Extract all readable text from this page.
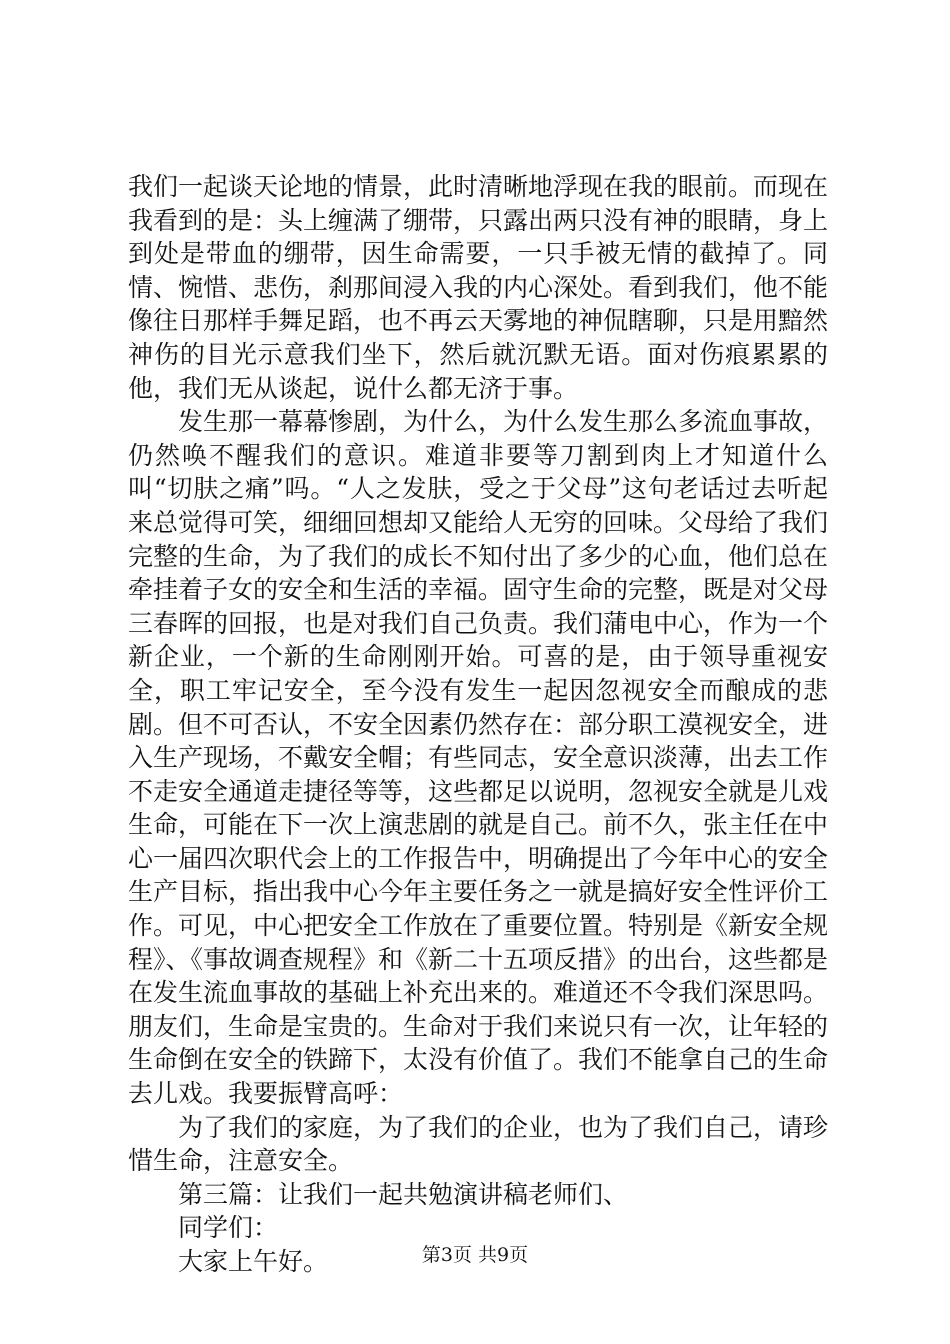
我们一起谈天论地的情景，此时清晰地浮现在我的眼前。而现在我看到的是：头上缠满了绷带，只露出两只没有神的眼睛，身上到处是带血的绷带，因生命需要，一只手被无情的截掉了。同情、惋惜、悲伤，刹那间浸入我的内心深处。看到我们，他不能像往日那样手舞足蹈，也不再云天雾地的神侃瞎聊，只是用黯然神伤的目光示意我们坐下，然后就沉默无语。面对伤痕累累的他，我们无从谈起，说什么都无济于事。

发生那一幕幕惨剧，为什么，为什么发生那么多流血事故，仍然唤不醒我们的意识。难道非要等刀割到肉上才知道什么叫“切肤之痛”吗。“人之发肤，受之于父母”这句老话过去听起来总觉得可笑，细细回想却又能给人无穷的回味。父母给了我们完整的生命，为了我们的成长不知付出了多少的心血，他们总在牵挂着子女的安全和生活的幸福。固守生命的完整，既是对父母三春晖的回报，也是对我们自己负责。我们蒲电中心，作为一个新企业，一个新的生命刚刚开始。可喜的是，由于领导重视安全，职工牢记安全，至今没有发生一起因忽视安全而酿成的悲剧。但不可否认，不安全因素仍然存在：部分职工漠视安全，进入生产现场，不戴安全帽；有些同志，安全意识淡薄，出去工作不走安全通道走捷径等等，这些都足以说明，忽视安全就是儿戏生命，可能在下一次上演悲剧的就是自己。前不久，张主任在中心一届四次职代会上的工作报告中，明确提出了今年中心的安全生产目标，指出我中心今年主要任务之一就是搞好安全性评价工作。可见，中心把安全工作放在了重要位置。特别是《新安全规程》、《事故调查规程》和《新二十五项反措》的出台，这些都是在发生流血事故的基础上补充出来的。难道还不令我们深思吗。朋友们，生命是宝贵的。生命对于我们来说只有一次，让年轻的生命倒在安全的铁蹄下，太没有价值了。我们不能拿自己的生命去儿戏。我要振臂高呼：

为了我们的家庭，为了我们的企业，也为了我们自己，请珍惜生命，注意安全。

第三篇：让我们一起共勉演讲稿老师们、

同学们：

大家上午好。	第3页 共9页
